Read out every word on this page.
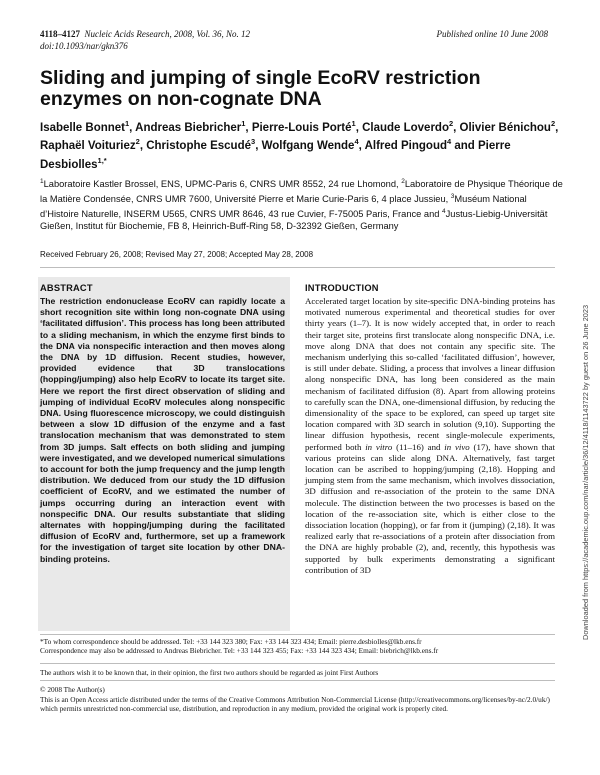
4118–4127 Nucleic Acids Research, 2008, Vol. 36, No. 12
doi:10.1093/nar/gkn376
Published online 10 June 2008
Sliding and jumping of single EcoRV restriction enzymes on non-cognate DNA
Isabelle Bonnet$^1$, Andreas Biebricher$^1$, Pierre-Louis Porté$^1$, Claude Loverdo$^2$, Olivier Bénichou$^2$, Raphaël Voituriez$^2$, Christophe Escudé$^3$, Wolfgang Wende$^4$, Alfred Pingoud$^4$ and Pierre Desbiolles$^{1,*}$
$^1$Laboratoire Kastler Brossel, ENS, UPMC-Paris 6, CNRS UMR 8552, 24 rue Lhomond, $^2$Laboratoire de Physique Théorique de la Matière Condensée, CNRS UMR 7600, Université Pierre et Marie Curie-Paris 6, 4 place Jussieu, $^3$Muséum National d’Histoire Naturelle, INSERM U565, CNRS UMR 8646, 43 rue Cuvier, F-75005 Paris, France and $^4$Justus-Liebig-Universität Gießen, Institut für Biochemie, FB 8, Heinrich-Buff-Ring 58, D-32392 Gießen, Germany
Received February 26, 2008; Revised May 27, 2008; Accepted May 28, 2008
Downloaded from https://academic.oup.com/nar/article/36/12/4118/1143722 by guest on 26 June 2023
ABSTRACT

The restriction endonuclease EcoRV can rapidly locate a short recognition site within long non-cognate DNA using ‘facilitated diffusion’. This process has long been attributed to a sliding mechanism, in which the enzyme first binds to the DNA via nonspecific interaction and then moves along the DNA by 1D diffusion. Recent studies, however, provided evidence that 3D translocations (hopping/jumping) also help EcoRV to locate its target site. Here we report the first direct observation of sliding and jumping of individual EcoRV molecules along nonspecific DNA. Using fluorescence microscopy, we could distinguish between a slow 1D diffusion of the enzyme and a fast translocation mechanism that was demonstrated to stem from 3D jumps. Salt effects on both sliding and jumping were investigated, and we developed numerical simulations to account for both the jump frequency and the jump length distribution. We deduced from our study the 1D diffusion coefficient of EcoRV, and we estimated the number of jumps occurring during an interaction event with nonspecific DNA. Our results substantiate that sliding alternates with hopping/jumping during the facilitated diffusion of EcoRV and, furthermore, set up a framework for the investigation of target site location by other DNA-binding proteins.

INTRODUCTION

Accelerated target location by site-specific DNA-binding proteins has motivated numerous experimental and theoretical studies for over thirty years (1–7). It is now widely accepted that, in order to reach their target site, proteins first translocate along nonspecific DNA, i.e. move along DNA that does not contain any specific site. The mechanism underlying this so-called ‘facilitated diffusion’, however, is still under debate. Sliding, a process that involves a linear diffusion along nonspecific DNA, has long been considered as the main mechanism of facilitated diffusion (8). Apart from allowing proteins to carefully scan the DNA, one-dimensional diffusion, by reducing the dimensionality of the space to be explored, can speed up target site location compared with 3D search in solution (9,10). Supporting the linear diffusion hypothesis, recent single-molecule experiments, performed both in vitro (11–16) and in vivo (17), have shown that various proteins can slide along DNA. Alternatively, fast target location can be ascribed to hopping/jumping (2,18). Hopping and jumping stem from the same mechanism, which involves dissociation, 3D diffusion and re-association of the protein to the same DNA molecule. The distinction between the two processes is based on the location of the re-association site, which is either close to the dissociation location (hopping), or far from it (jumping) (2,18). It was realized early that re-associations of a protein after dissociation from the DNA are highly probable (2), and, recently, this hypothesis was supported by bulk experiments demonstrating a significant contribution of 3D

*To whom correspondence should be addressed. Tel: +33 144 323 380; Fax: +33 144 323 434; Email: pierre.desbiolles@lkb.ens.fr

Correspondence may also be addressed to Andreas Biebricher. Tel: +33 144 323 455; Fax: +33 144 323 434; Email: biebrich@lkb.ens.fr

The authors wish it to be known that, in their opinion, the first two authors should be regarded as joint First Authors

© 2008 The Author(s)

This is an Open Access article distributed under the terms of the Creative Commons Attribution Non-Commercial License (http://creativecommons.org/licenses/by-nc/2.0/uk/) which permits unrestricted non-commercial use, distribution, and reproduction in any medium, provided the original work is properly cited.
